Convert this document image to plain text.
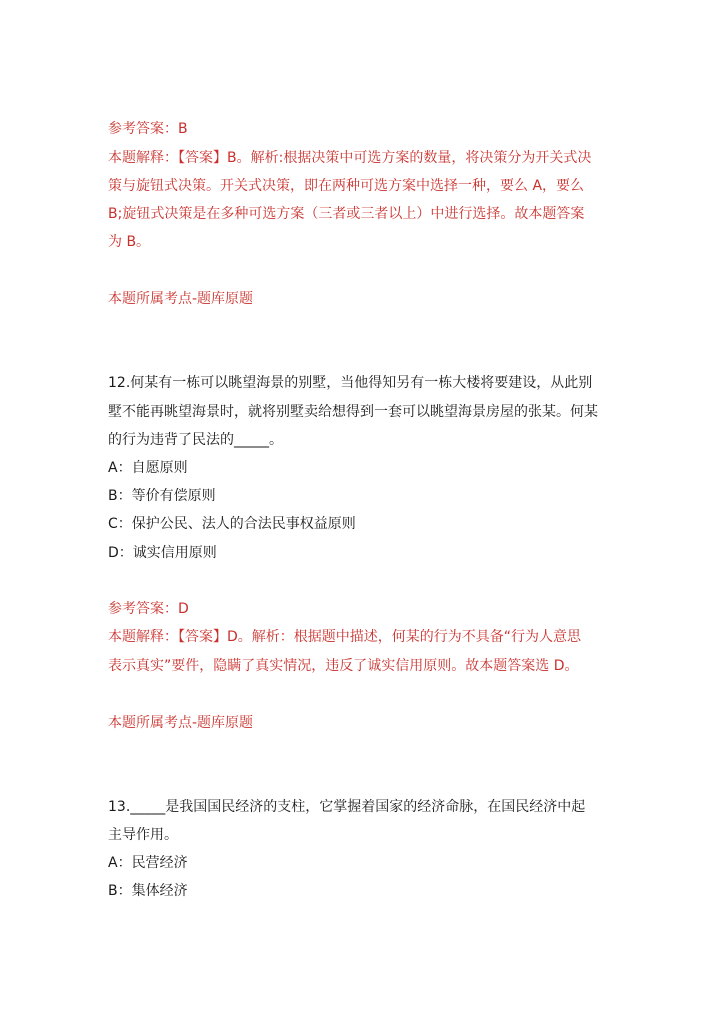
参考答案：B
本题解释：【答案】B。解析:根据决策中可选方案的数量，将决策分为开关式决
策与旋钮式决策。开关式决策，即在两种可选方案中选择一种，要么 A，要么
B;旋钮式决策是在多种可选方案（三者或三者以上）中进行选择。故本题答案
为 B。
本题所属考点-题库原题
12.何某有一栋可以眺望海景的别墅，当他得知另有一栋大楼将要建设，从此别
墅不能再眺望海景时，就将别墅卖给想得到一套可以眺望海景房屋的张某。何某
的行为违背了民法的_____。
A：自愿原则
B：等价有偿原则
C：保护公民、法人的合法民事权益原则
D：诚实信用原则
参考答案：D
本题解释：【答案】D。解析：根据题中描述，何某的行为不具备“行为人意思
表示真实”要件，隐瞒了真实情况，违反了诚实信用原则。故本题答案选 D。
本题所属考点-题库原题
13._____是我国国民经济的支柱，它掌握着国家的经济命脉，在国民经济中起
主导作用。
A：民营经济
B：集体经济
